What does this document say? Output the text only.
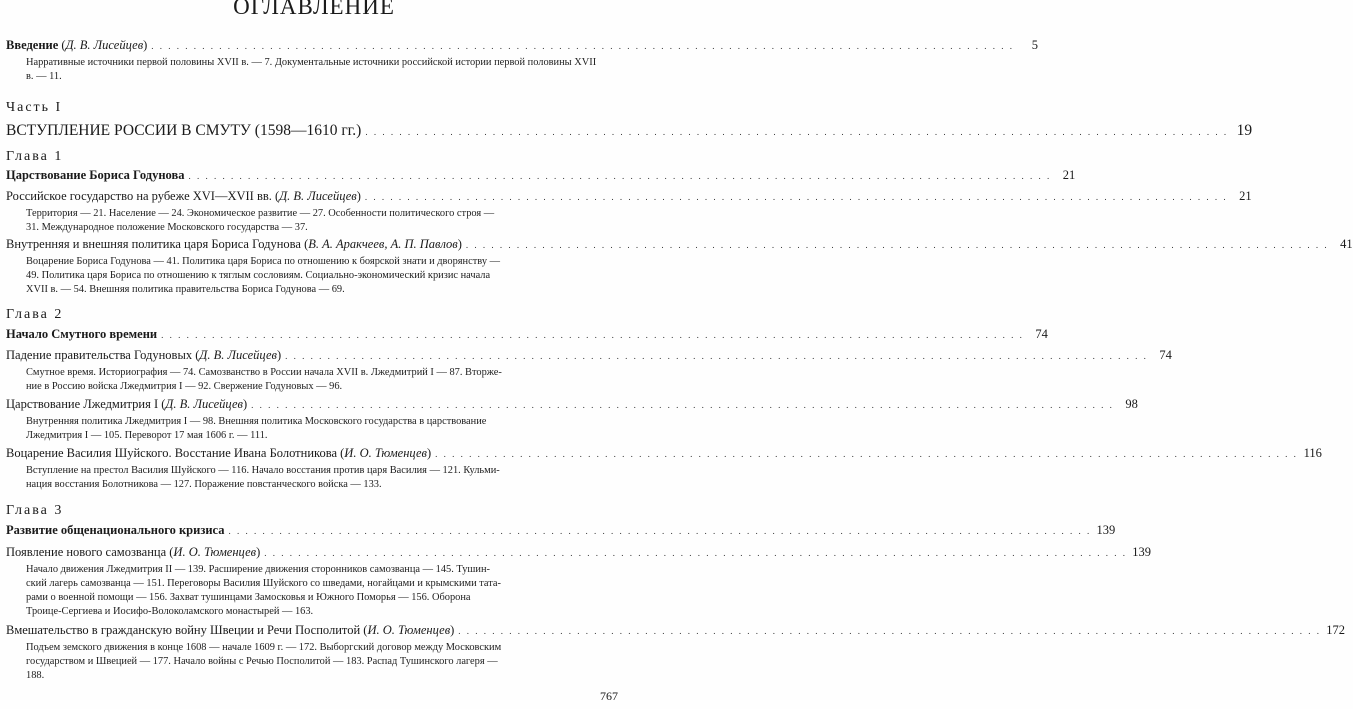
ОГЛАВЛЕНИЕ
Введение (Д. В. Лисейцев) . . .	5
Нарративные источники первой половины XVII в. — 7. Документальные источники российской истории первой половины XVII в. — 11.
Часть I
ВСТУПЛЕНИЕ РОССИИ В СМУТУ (1598—1610 гг.) . . .	19
Глава 1
Царствование Бориса Годунова . . .	21
Российское государство на рубеже XVI—XVII вв. (Д. В. Лисейцев) . . .	21
Территория — 21. Население — 24. Экономическое развитие — 27. Особенности политического строя —
31. Международное положение Московского государства — 37.
Внутренняя и внешняя политика царя Бориса Годунова (В. А. Аракчеев, А. П. Павлов) . . .	41
Воцарение Бориса Годунова — 41. Политика царя Бориса по отношению к боярской знати и дворянству —
49. Политика царя Бориса по отношению к тяглым сословиям. Социально-экономический кризис начала
XVII в. — 54. Внешняя политика правительства Бориса Годунова — 69.
Глава 2
Начало Смутного времени . . .	74
Падение правительства Годуновых (Д. В. Лисейцев) . . .	74
Смутное время. Историография — 74. Самозванство в России начала XVII в. Лжедмитрий I — 87. Вторже-
ние в Россию войска Лжедмитрия I — 92. Свержение Годуновых — 96.
Царствование Лжедмитрия I (Д. В. Лисейцев) . . .	98
Внутренняя политика Лжедмитрия I — 98. Внешняя политика Московского государства в царствование
Лжедмитрия I — 105. Переворот 17 мая 1606 г. — 111.
Воцарение Василия Шуйского. Восстание Ивана Болотникова (И. О. Тюменцев) . . .	116
Вступление на престол Василия Шуйского — 116. Начало восстания против царя Василия — 121. Кульми-
нация восстания Болотникова — 127. Поражение повстанческого войска — 133.
Глава 3
Развитие общенационального кризиса . . .	139
Появление нового самозванца (И. О. Тюменцев) . . .	139
Начало движения Лжедмитрия II — 139. Расширение движения сторонников самозванца — 145. Тушин-
ский лагерь самозванца — 151. Переговоры Василия Шуйского со шведами, ногайцами и крымскими тата-
рами о военной помощи — 156. Захват тушинцами Замосковья и Южного Поморья — 156. Оборона
Троице-Сергиева и Иосифо-Волоколамского монастырей — 163.
Вмешательство в гражданскую войну Швеции и Речи Посполитой (И. О. Тюменцев) . . .	172
Подъем земского движения в конце 1608 — начале 1609 г. — 172. Выборгский договор между Московским
государством и Швецией — 177. Начало войны с Речью Посполитой — 183. Распад Тушинского лагеря —
188.
767
